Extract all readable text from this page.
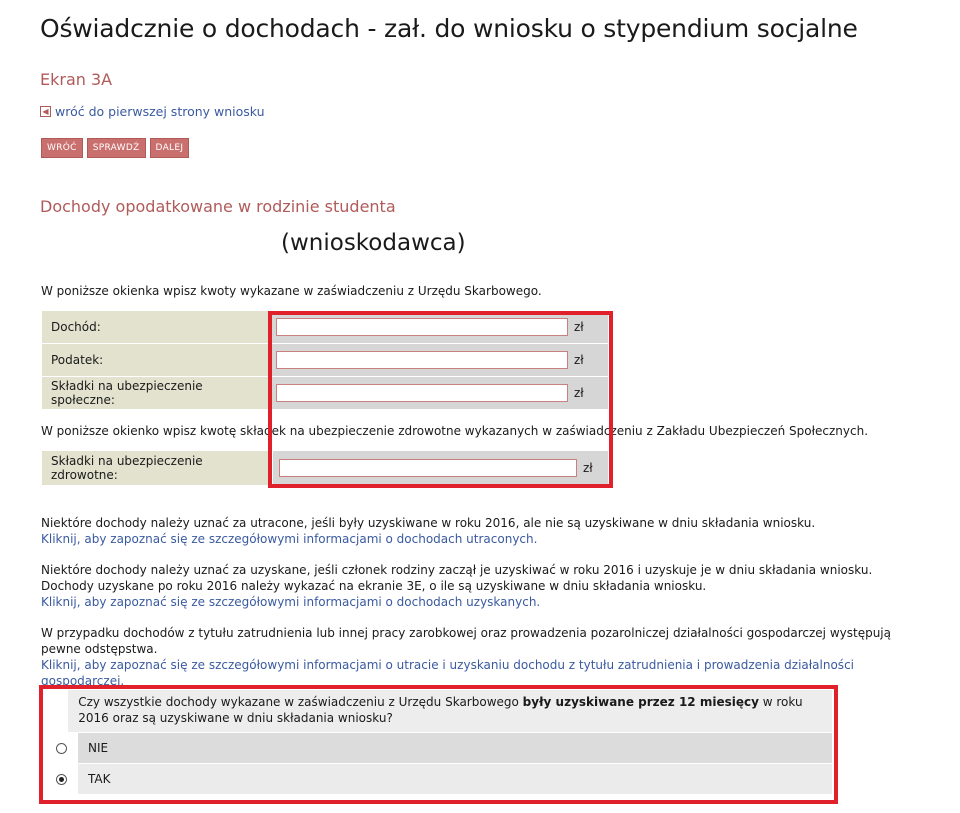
Oświadcznie o dochodach - zał. do wniosku o stypendium socjalne
Ekran 3A
◀ wróć do pierwszej strony wniosku
WRÓĆ	SPRAWDŹ	DALEJ
Dochody opodatkowane w rodzinie studenta
(wnioskodawca)
W poniższe okienka wpisz kwoty wykazane w zaświadczeniu z Urzędu Skarbowego.
Dochód:	zł
Podatek:	zł
Składki na ubezpieczenie społeczne:	zł
W poniższe okienko wpisz kwotę składek na ubezpieczenie zdrowotne wykazanych w zaświadczeniu z Zakładu Ubezpieczeń Społecznych.
Składki na ubezpieczenie zdrowotne:	zł
Niektóre dochody należy uznać za utracone, jeśli były uzyskiwane w roku 2016, ale nie są uzyskiwane w dniu składania wniosku.
Kliknij, aby zapoznać się ze szczegółowymi informacjami o dochodach utraconych.
Niektóre dochody należy uznać za uzyskane, jeśli członek rodziny zaczął je uzyskiwać w roku 2016 i uzyskuje je w dniu składania wniosku.
Dochody uzyskane po roku 2016 należy wykazać na ekranie 3E, o ile są uzyskiwane w dniu składania wniosku.
Kliknij, aby zapoznać się ze szczegółowymi informacjami o dochodach uzyskanych.
W przypadku dochodów z tytułu zatrudnienia lub innej pracy zarobkowej oraz prowadzenia pozarolniczej działalności gospodarczej występują pewne odstępstwa.
Kliknij, aby zapoznać się ze szczegółowymi informacjami o utracie i uzyskaniu dochodu z tytułu zatrudnienia i prowadzenia działalności gospodarczej.
Czy wszystkie dochody wykazane w zaświadczeniu z Urzędu Skarbowego były uzyskiwane przez 12 miesięcy w roku 2016 oraz są uzyskiwane w dniu składania wniosku?
NIE
TAK
